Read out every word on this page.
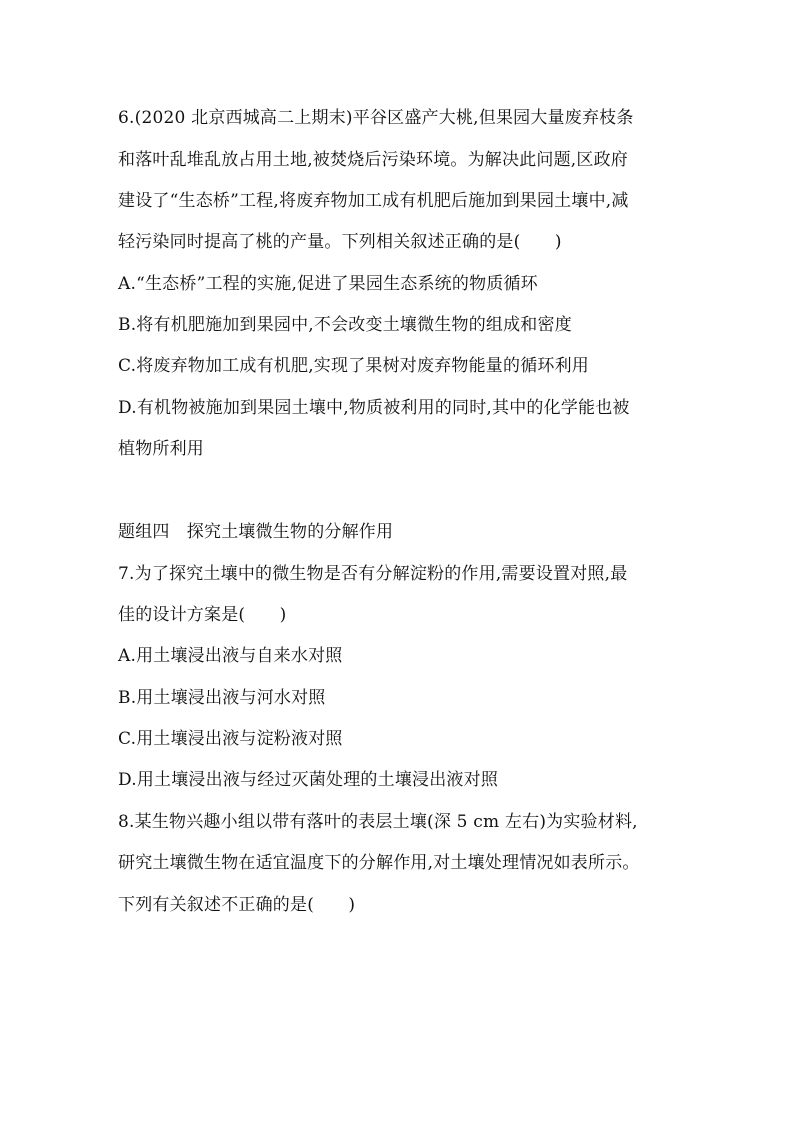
6.(2020 北京西城高二上期末)平谷区盛产大桃,但果园大量废弃枝条
和落叶乱堆乱放占用土地,被焚烧后污染环境。为解决此问题,区政府
建设了“生态桥”工程,将废弃物加工成有机肥后施加到果园土壤中,减
轻污染同时提高了桃的产量。下列相关叙述正确的是(　　)
A.“生态桥”工程的实施,促进了果园生态系统的物质循环
B.将有机肥施加到果园中,不会改变土壤微生物的组成和密度
C.将废弃物加工成有机肥,实现了果树对废弃物能量的循环利用
D.有机物被施加到果园土壤中,物质被利用的同时,其中的化学能也被
植物所利用
题组四　探究土壤微生物的分解作用
7.为了探究土壤中的微生物是否有分解淀粉的作用,需要设置对照,最
佳的设计方案是(　　)
A.用土壤浸出液与自来水对照
B.用土壤浸出液与河水对照
C.用土壤浸出液与淀粉液对照
D.用土壤浸出液与经过灭菌处理的土壤浸出液对照
8.某生物兴趣小组以带有落叶的表层土壤(深 5 cm 左右)为实验材料,
研究土壤微生物在适宜温度下的分解作用,对土壤处理情况如表所示。
下列有关叙述不正确的是(　　)
